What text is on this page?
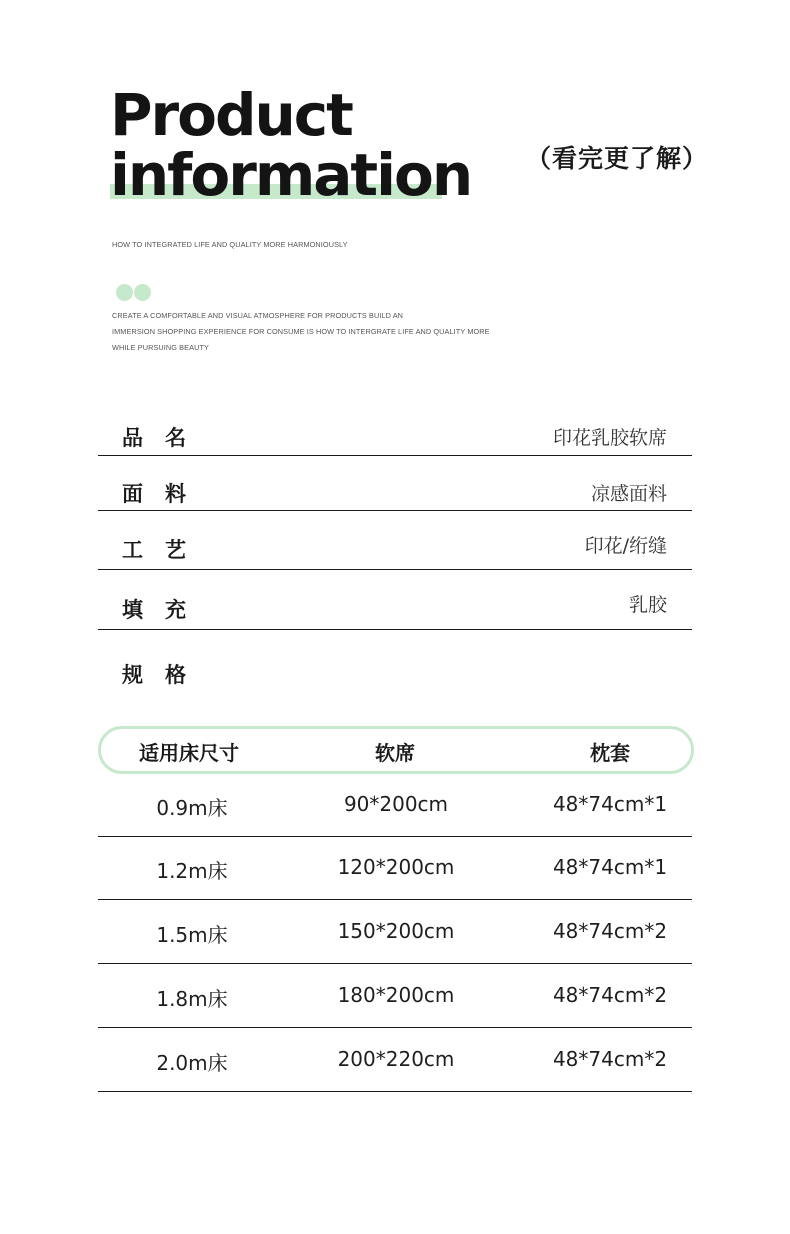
Product
information （看完更了解）
HOW TO INTEGRATED LIFE AND QUALITY MORE HARMONIOUSLY
CREATE A COMFORTABLE AND VISUAL ATMOSPHERE FOR PRODUCTS BUILD AN
IMMERSION SHOPPING EXPERIENCE FOR CONSUME IS HOW TO INTERGRATE LIFE AND QUALITY MORE
WHILE PURSUING BEAUTY
品名	印花乳胶软席
面料	凉感面料
工艺	印花/绗缝
填充	乳胶
规格
适用床尺寸	软席	枕套
0.9m床	90*200cm	48*74cm*1
1.2m床	120*200cm	48*74cm*1
1.5m床	150*200cm	48*74cm*2
1.8m床	180*200cm	48*74cm*2
2.0m床	200*220cm	48*74cm*2
